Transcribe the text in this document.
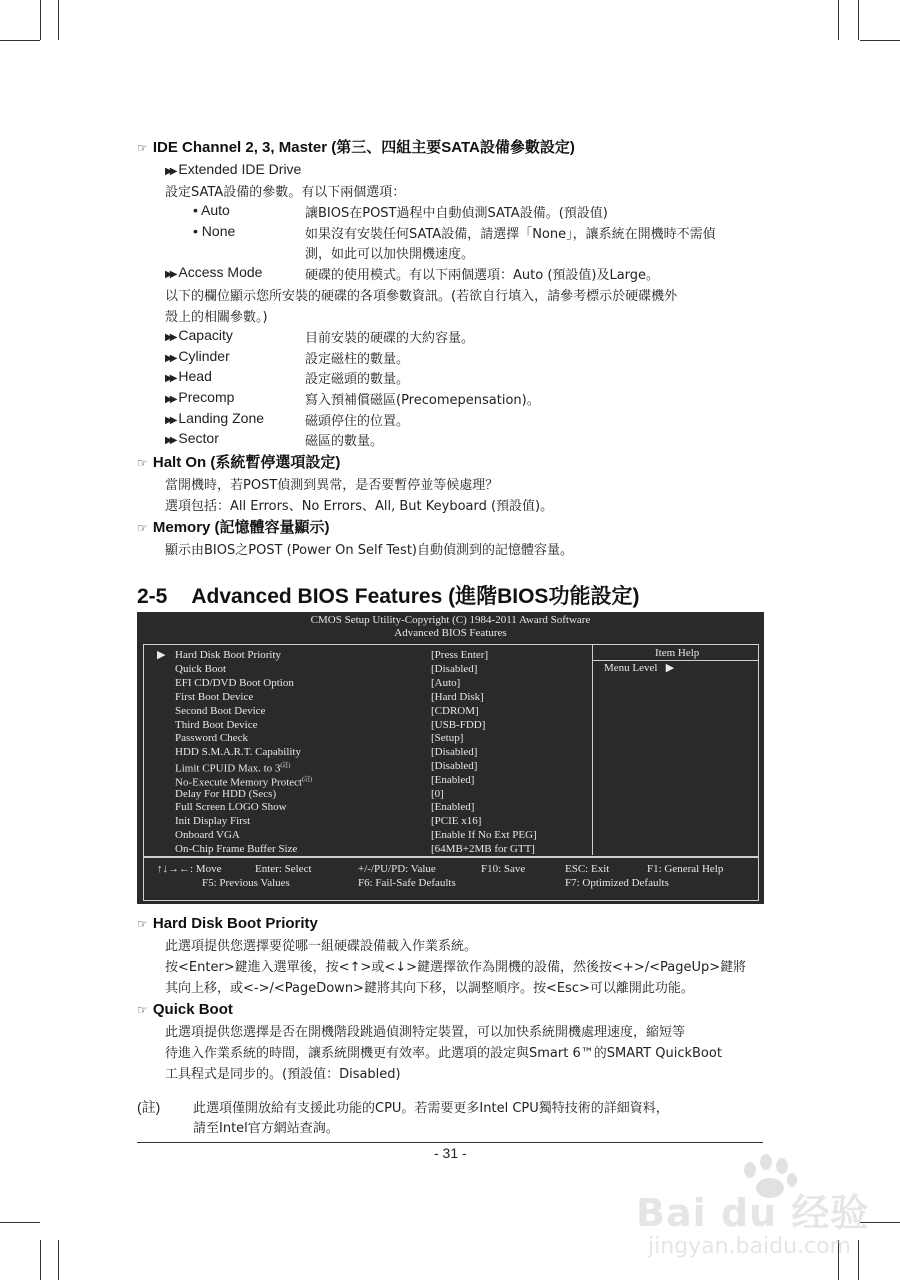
☞ IDE Channel 2, 3, Master (第三、四組主要SATA設備參數設定)
▶▶ Extended IDE Drive
設定SATA設備的參數。有以下兩個選項：
• Auto	讓BIOS在POST過程中自動偵測SATA設備。(預設值)
• None	如果沒有安裝任何SATA設備，請選擇「None」，讓系統在開機時不需偵
測，如此可以加快開機速度。
▶▶ Access Mode	硬碟的使用模式。有以下兩個選項：Auto (預設值)及Large。
以下的欄位顯示您所安裝的硬碟的各項參數資訊。(若欲自行填入，請參考標示於硬碟機外
殼上的相關參數。)
▶▶ Capacity	目前安裝的硬碟的大約容量。
▶▶ Cylinder	設定磁柱的數量。
▶▶ Head	設定磁頭的數量。
▶▶ Precomp	寫入預補償磁區(Precomepensation)。
▶▶ Landing Zone	磁頭停住的位置。
▶▶ Sector	磁區的數量。
☞ Halt On (系統暫停選項設定)
當開機時，若POST偵測到異常，是否要暫停並等候處理？
選項包括：All Errors、No Errors、All, But Keyboard (預設值)。
☞ Memory (記憶體容量顯示)
顯示由BIOS之POST (Power On Self Test)自動偵測到的記憶體容量。
2-5 Advanced BIOS Features (進階BIOS功能設定)
CMOS Setup Utility-Copyright (C) 1984-2011 Award Software
Advanced BIOS Features
▶ Hard Disk Boot Priority	[Press Enter]
Quick Boot	[Disabled]
EFI CD/DVD Boot Option	[Auto]
First Boot Device	[Hard Disk]
Second Boot Device	[CDROM]
Third Boot Device	[USB-FDD]
Password Check	[Setup]
HDD S.M.A.R.T. Capability	[Disabled]
Limit CPUID Max. to $3^{(註)}$	[Disabled]
No-Execute Memory Protect$^{(註)}$	[Enabled]
Delay For HDD (Secs)	[0]
Full Screen LOGO Show	[Enabled]
Init Display First	[PCIE x16]
Onboard VGA	[Enable If No Ext PEG]
On-Chip Frame Buffer Size	[64MB+2MB for GTT]
Item Help
Menu Level ▶
↑↓→←: Move	Enter: Select	+/-/PU/PD: Value	F10: Save	ESC: Exit	F1: General Help
F5: Previous Values	F6: Fail-Safe Defaults	F7: Optimized Defaults
☞ Hard Disk Boot Priority
此選項提供您選擇要從哪一組硬碟設備載入作業系統。
按<Enter>鍵進入選單後，按<↑>或<↓>鍵選擇欲作為開機的設備，然後按<+>/<PageUp>鍵將
其向上移，或<->/<PageDown>鍵將其向下移，以調整順序。按<Esc>可以離開此功能。
☞ Quick Boot
此選項提供您選擇是否在開機階段跳過偵測特定裝置，可以加快系統開機處理速度，縮短等
待進入作業系統的時間，讓系統開機更有效率。此選項的設定與Smart 6™的SMART QuickBoot
工具程式是同步的。(預設值：Disabled)
(註)	此選項僅開放給有支援此功能的CPU。若需要更多Intel CPU獨特技術的詳細資料，
請至Intel官方網站查詢。
- 31 -
Bai du 经验
jingyan.baidu.com
